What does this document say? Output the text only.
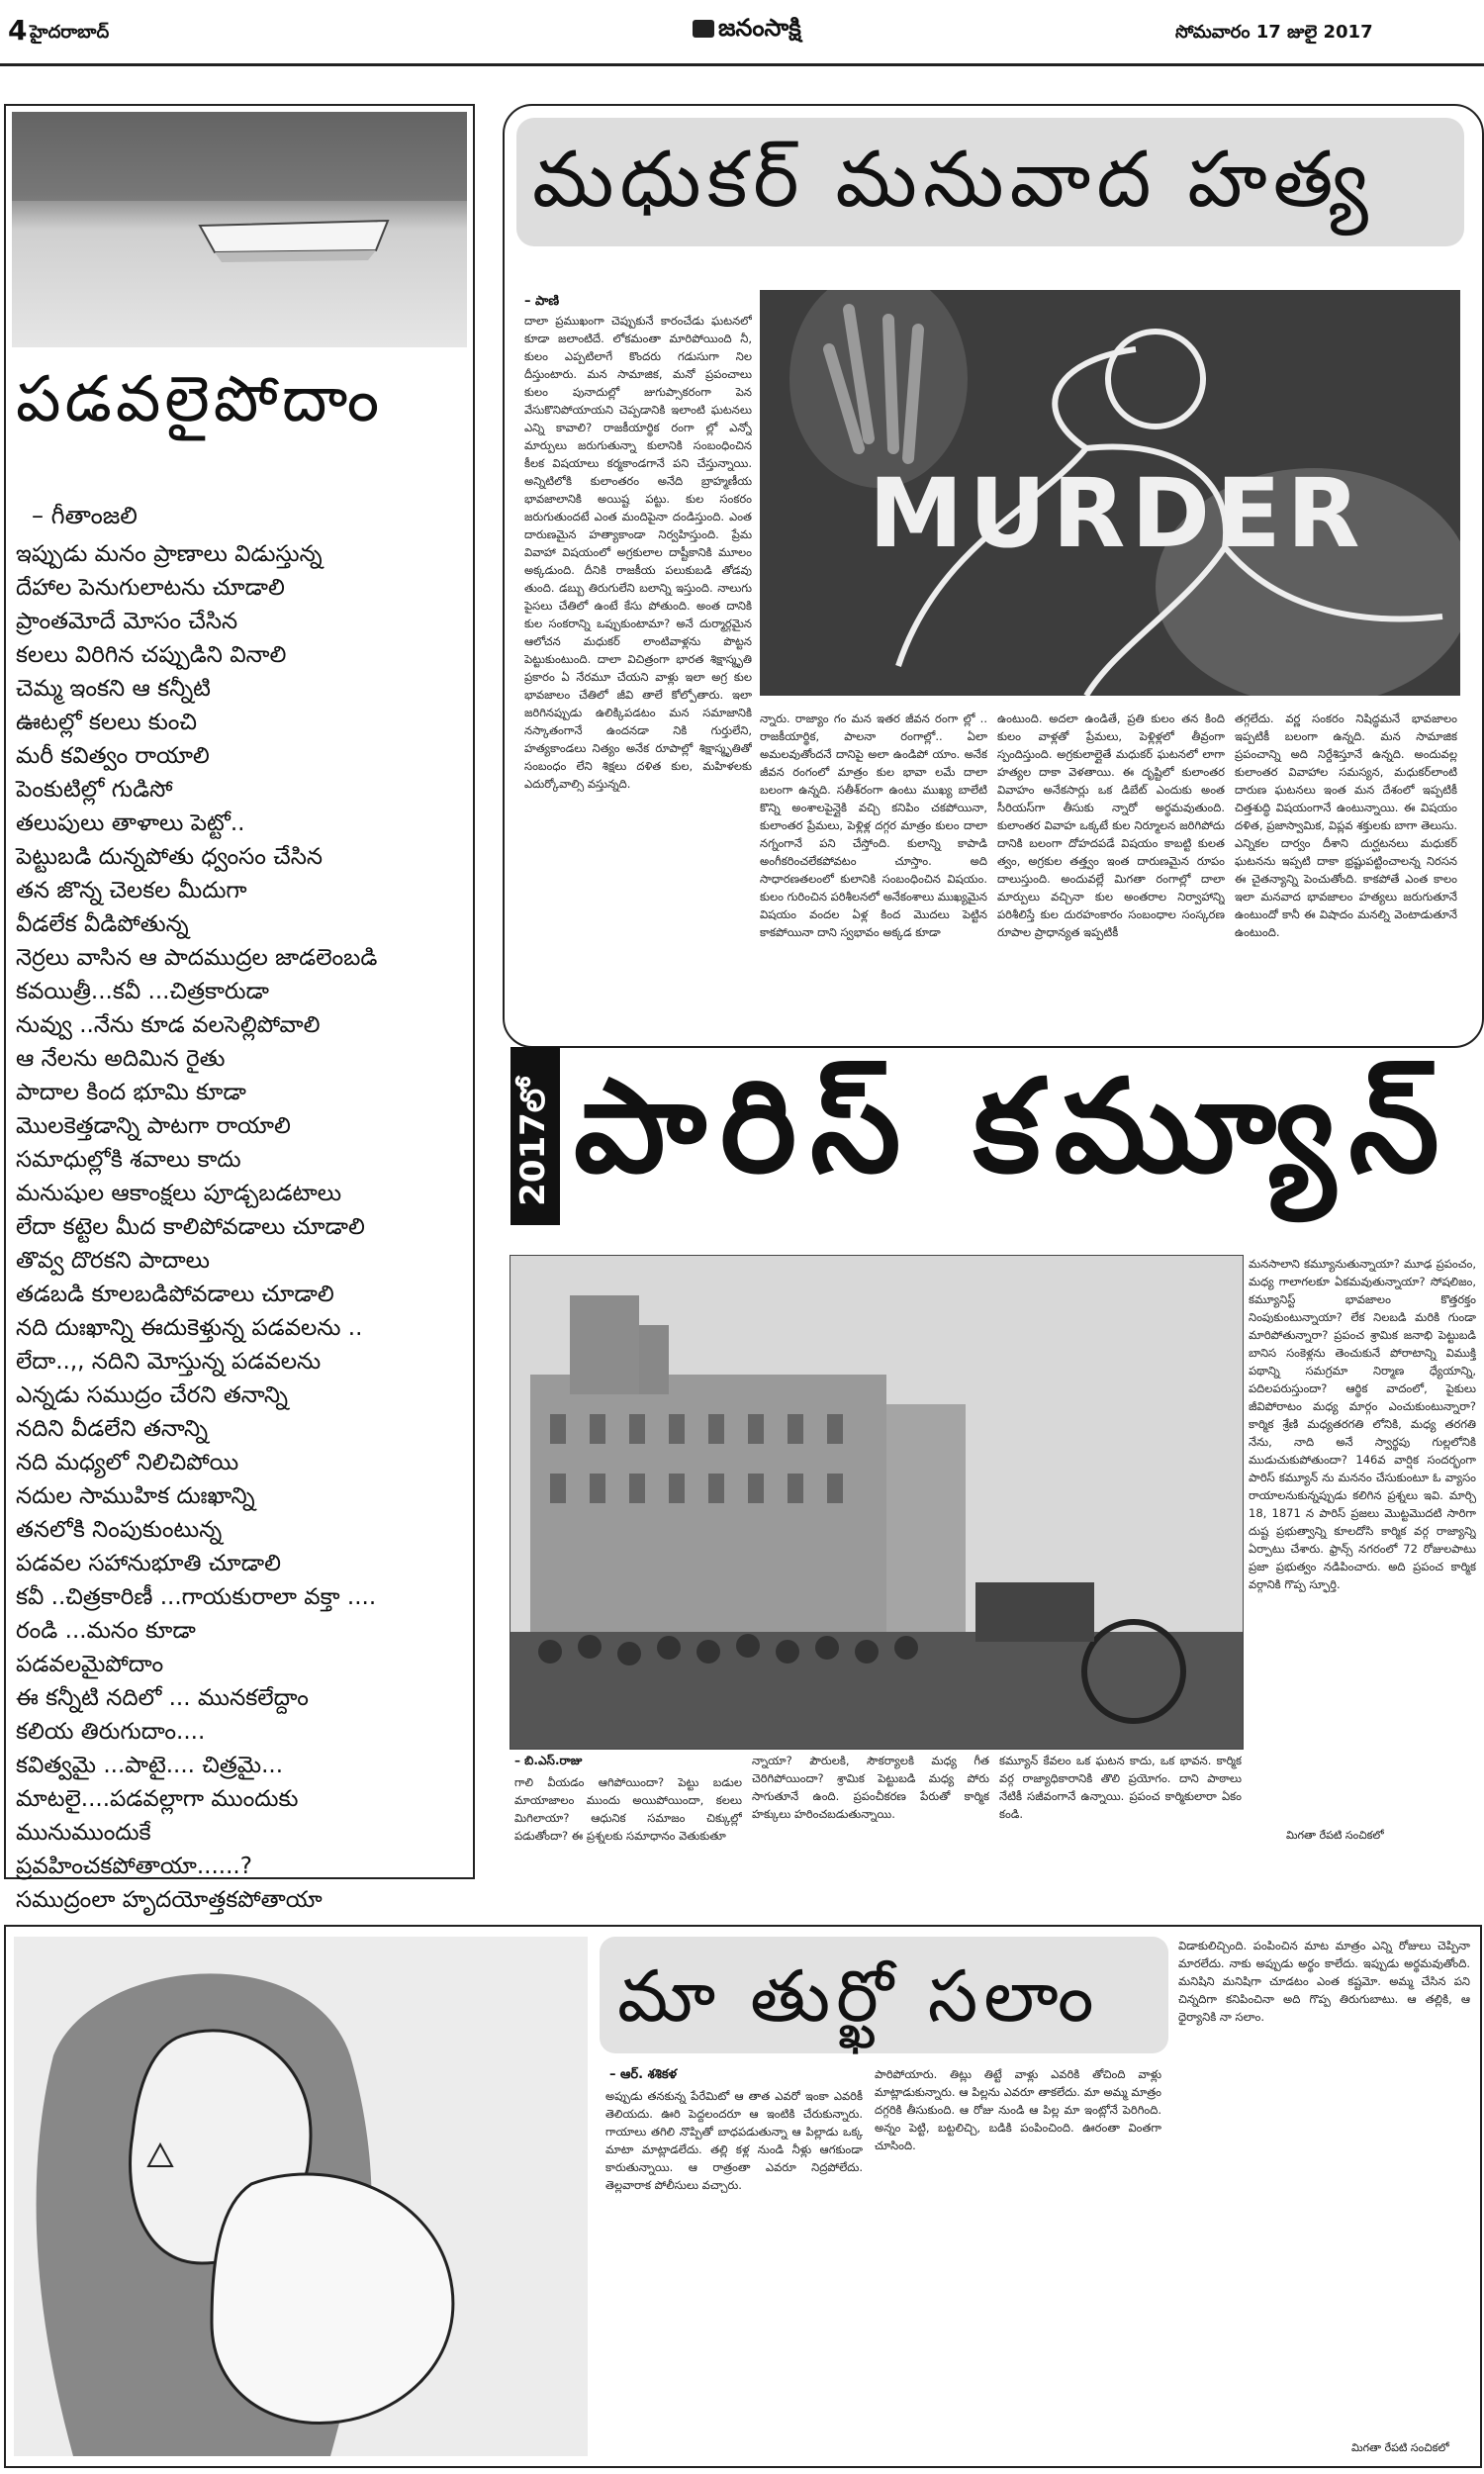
4 హైదరాబాద్	జనంసాక్షి	సోమవారం 17 జులై 2017
పడవలైపోదాం
– గీతాంజలి
ఇప్పుడు మనం ప్రాణాలు విడుస్తున్న
దేహాల పెనుగులాటను చూడాలి
ప్రాంతమోదే మోసం చేసిన
కలలు విరిగిన చప్పుడిని వినాలి
చెమ్మ ఇంకని ఆ కన్నీటి
ఊటల్లో కలలు కుంచి
మరీ కవిత్వం రాయాలి
పెంకుటిల్లో గుడిసో
తలుపులు తాళాలు పెట్టో..
పెట్టుబడి దున్నపోతు ధ్వంసం చేసిన
తన జొన్న చెలకల మీదుగా
వీడలేక వీడిపోతున్న
నెర్రలు వాసిన ఆ పాదముద్రల జాడలెంబడి
కవయిత్రీ...కవీ ...చిత్రకారుడా
నువ్వు ..నేను కూడ వలసెల్లిపోవాలి
ఆ నేలను అదిమిన రైతు
పాదాల కింద భూమి కూడా
మొలకెత్తడాన్ని పాటగా రాయాలి
సమాధుల్లోకి శవాలు కాదు
మనుషుల ఆకాంక్షలు పూడ్చబడటాలు
లేదా కట్టెల మీద కాలిపోవడాలు చూడాలి
తొవ్వ దొరకని పాదాలు
తడబడి కూలబడిపోవడాలు చూడాలి
నది దుఃఖాన్ని ఈదుకెళ్తున్న పడవలను ..
లేదా..,, నదిని మోస్తున్న పడవలను
ఎన్నడు సముద్రం చేరని తనాన్ని
నదిని వీడలేని తనాన్ని
నది మధ్యలో నిలిచిపోయి
నదుల సాముహిక దుఃఖాన్ని
తనలోకి నింపుకుంటున్న
పడవల సహానుభూతి చూడాలి
కవీ ..చిత్రకారిణీ ...గాయకురాలా వక్తా ....
రండి ...మనం కూడా
పడవలమైపోదాం
ఈ కన్నీటి నదిలో ... మునకలేద్దాం
కలియ తిరుగుదాం....
కవిత్వమై ...పాటై.... చిత్రమై...
మాటలై....పడవల్లాగా ముందుకు
మునుముందుకే
ప్రవహించకపోతాయా......?
సముద్రంలా హృదయోత్తకపోతాయా
మధుకర్ మనువాద హత్య
– పాణి
దాలా ప్రముఖంగా చెప్పుకునే కారంచేడు ఘటనలో కూడా జలాంటిదే. లోకమంతా మారిపోయింది నీ, కులం ఎప్పటిలాగే కొందరు గడుసుగా నిల దీస్తుంటారు. మన సామాజిక, మనో ప్రపంచాలు కులం పునాదుల్లో జుగుప్సాకరంగా పెన వేసుకొనిపోయాయని చెప్పడానికి ఇలాంటి ఘటనలు ఎన్ని కావాలి? రాజకీయార్థిక రంగా ల్లో ఎన్నో మార్పులు జరుగుతున్నా కులానికి సంబంధించిన కీలక విషయాలు కర్మకాండగానే పని చేస్తున్నాయి. అన్నిటిలోకి కులాంతరం అనేది బ్రాహ్మణీయ భావజాలానికి అయిష్ట పట్టు. కుల సంకరం జరుగుతుందటే ఎంత మందిపైనా దండిస్తుంది. ఎంత దారుణమైన హత్యాకాండా నిర్వహిస్తుంది. ప్రేమ వివాహా విషయంలో అగ్రకులాల దాష్టీకానికి మూలం అక్కడుంది. దీనికి రాజకీయ పలుకుబడి తోడవు తుంది. డబ్బు తిరుగులేని బలాన్ని ఇస్తుంది. నాలుగు పైసలు చేతిలో ఉంటే కేసు పోతుంది. అంత దానికి కుల సంకరాన్ని ఒప్పుకుంటామా? అనే దుర్మార్గమైన ఆలోచన మధుకర్ లాంటివాళ్లను పొట్టన పెట్టుకుంటుంది. దాలా విచిత్రంగా భారత శిక్షాస్మృతి ప్రకారం ఏ నేరమూ చేయని వాళ్లు ఇలా అగ్ర కుల భావజాలం చేతిలో జీవి తాలే కోల్పోతారు. ఇలా జరిగినప్పుడు ఉలిక్కిపడటం మన సమాజానికి నస్కాతంగానే ఉందనడా నికి గుర్తులేని, హత్యకాండలు నిత్యం అనేక రూపాల్లో శిక్షాస్మృతితో సంబంధం లేని శిక్షలు దళిత కుల, మహిళలకు ఎదుర్కోవాల్సి వస్తున్నది.
MURDER
న్నారు. రాజ్యాం గం మన ఇతర జీవన రంగా ల్లో .. రాజకీయార్థిక, పాలనా రంగాల్లో.. ఏలా అమలవుతోందనే దానిపై అలా ఉండిపో యాం. అనేక జీవన రంగంలో మాత్రం కుల భావా లమే దాలా బలంగా ఉన్నది. సతీశ్‌రంగా ఉంటు ముఖ్య బాలేటి కొన్ని అంశాలపైన్లైకి వచ్చి కనిపిం చకపోయినా, కులాంతర ప్రేమలు, పెళ్లిళ్ల దగ్గర మాత్రం కులం దాలా నగ్నంగానే పని చేస్తోంది. కులాన్ని కాపాడి అంగీకరించలేకపోవటం చూస్తాం. అది సాధారణతలంలో కులానికి సంబంధించిన విషయం. కులం గురించిన పరిశీలనలో అనేకంశాలు ముఖ్యమైన విషయం వందల ఏళ్ల కింద మొదలు పెట్టిన కాకపోయినా దాని స్వభావం అక్కడ కూడా
ఉంటుంది. అదలా ఉండితే, ప్రతి కులం తన కింది కులం వాళ్లతో ప్రేమలు, పెళ్లిళ్లలో తీవ్రంగా స్పందిస్తుంది. అగ్రకులాల్లైతే మధుకర్ ఘటనలో లాగా హత్యల దాకా వెళతాయి. ఈ దృష్టిలో కులాంతర వివాహం అనేకసార్లు ఒక డిబేట్ ఎందుకు అంత సీరియస్‌గా తీసుకు న్నారో అర్థమవుతుంది. కులాంతర వివాహ ఒక్కటే కుల నిర్మూలన జరిగిపోదు దానికి బలంగా దోహదపడే విషయం కాబట్టి కులత త్వం, అగ్రకుల తత్త్వం ఇంత దారుణమైన రూపం దాలుస్తుంది. అందువల్లే మిగతా రంగాల్లో దాలా మార్పులు వచ్చినా కుల అంతరాల నిర్వాహాన్ని పరిశీలిస్తే కుల దురహంకారం సంబంధాల సంస్కరణ రూపాల ప్రాధాన్యత ఇప్పటికీ
తగ్గలేదు. వర్ణ సంకరం నిషిద్ధమనే భావజాలం ఇప్పటికీ బలంగా ఉన్నది. మన సామాజిక ప్రపంచాన్ని అది నిర్దేశిస్తూనే ఉన్నది. అందువల్ల కులాంతర వివాహాల సమస్యన, మధుకర్‌లాంటి దారుణ ఘటనలు ఇంత మన దేశంలో ఇప్పటికీ చిత్తశుద్ధి విషయంగానే ఉంటున్నాయి. ఈ విషయం దళిత, ప్రజాస్వామిక, విప్లవ శక్తులకు బాగా తెలుసు. ఎన్నికల దార్వం దీశాని దుర్ఘటనలు మధుకర్ ఘటనను ఇప్పటి దాకా భ్రష్టుపట్టించాలన్న నిరసన ఈ చైతన్యాన్ని పెంచుతోంది. కాకపోతే ఎంత కాలం ఇలా మనవాద భావజాలం హత్యలు జరుగుతూనే ఉంటుందో కానీ ఈ విషాదం మనల్ని వెంటాడుతూనే ఉంటుంది.
2017లో పారిస్ కమ్యూన్
– బి.ఎస్.రాజు
మనసాలాని కమ్యూనుతున్నాయా? మూఢ ప్రపంచం, మధ్య గాలాగలకూ ఏకమవుతున్నాయా? సోషలిజం, కమ్యూనిస్ట్ భావజాలం కొత్తరక్తం నింపుకుంటున్నాయా? లేక నిలబడి మరికి గుండా మారిపోతున్నారా? ప్రపంచ శ్రామిక జనాభి పెట్టుబడి బానిస సంకెళ్లను తెంచుకునే పోరాటాన్ని విముక్తి పథాన్ని సమగ్రమా నిర్మాణ ధ్యేయాన్ని, పదిలపరుస్తుందా? ఆర్థిక వాదంలో, పైకులు జీవిపోరాటం మధ్య మార్గం ఎంచుకుంటున్నారా? కార్మిక శ్రేణి మధ్యతరగతి లోనికి, మధ్య తరగతి నేను, నాది అనే స్వార్థపు గుల్లలోనికి ముడుచుకుపోతుందా? 146వ వార్షిక సందర్భంగా పారిస్ కమ్యూన్ ను మననం చేసుకుంటూ ఓ వ్యాసం రాయాలనుకున్నప్పుడు కలిగిన ప్రశ్నలు ఇవి. మార్చి 18, 1871 న పారిస్ ప్రజలు మొట్టమొదటి సారిగా దుష్ట ప్రభుత్వాన్ని కూలదోసి కార్మిక వర్గ రాజ్యాన్ని ఏర్పాటు చేశారు. ఫ్రాన్స్ నగరంలో 72 రోజులపాటు ప్రజా ప్రభుత్వం నడిపించారు. అది ప్రపంచ కార్మిక వర్గానికి గొప్ప స్ఫూర్తి.
గాలి వీయడం ఆగిపోయిందా? పెట్టు బడుల మాయాజాలం ముందు అయిపోయిందా, కలలు మిగిలాయా? ఆధునిక సమాజం చిక్కుల్లో పడుతోందా? ఈ ప్రశ్నలకు సమాధానం వెతుకుతూ
న్నాయా? పౌరులకి, సౌకర్యాలకి మధ్య గీత చెరిగిపోయిందా? శ్రామిక పెట్టుబడి మధ్య పోరు సాగుతూనే ఉంది. ప్రపంచీకరణ పేరుతో కార్మిక హక్కులు హరించబడుతున్నాయి.
కమ్యూన్ కేవలం ఒక ఘటన కాదు, ఒక భావన. కార్మిక వర్గ రాజ్యాధికారానికి తొలి ప్రయోగం. దాని పాఠాలు నేటికీ సజీవంగానే ఉన్నాయి. ప్రపంచ కార్మికులారా ఏకం కండి.
మిగతా రేపటి సంచికలో
మా తుర్ఖో సలాం
– ఆర్. శశికళ
అప్పుడు తనకున్న పేరేమిటో ఆ తాత ఎవరో ఇంకా ఎవరికీ తెలియదు. ఊరి పెద్దలందరూ ఆ ఇంటికి చేరుకున్నారు. గాయాలు తగిలి నొప్పితో బాధపడుతున్నా ఆ పిల్లాడు ఒక్క మాటా మాట్లాడలేదు. తల్లి కళ్ల నుండి నీళ్లు ఆగకుండా కారుతున్నాయి. ఆ రాత్రంతా ఎవరూ నిద్రపోలేదు. తెల్లవారాక పోలీసులు వచ్చారు.
పారిపోయారు. తిట్లు తిట్టే వాళ్లు ఎవరికి తోచింది వాళ్లు మాట్లాడుకున్నారు. ఆ పిల్లను ఎవరూ తాకలేదు. మా అమ్మ మాత్రం దగ్గరికి తీసుకుంది. ఆ రోజు నుండి ఆ పిల్ల మా ఇంట్లోనే పెరిగింది. అన్నం పెట్టి, బట్టలిచ్చి, బడికి పంపించింది. ఊరంతా వింతగా చూసింది.
విడాకులిచ్చింది. పంపించిన మాట మాత్రం ఎన్ని రోజులు చెప్పినా మారలేదు. నాకు అప్పుడు అర్థం కాలేదు. ఇప్పుడు అర్థమవుతోంది. మనిషిని మనిషిగా చూడటం ఎంత కష్టమో. అమ్మ చేసిన పని చిన్నదిగా కనిపించినా అది గొప్ప తిరుగుబాటు. ఆ తల్లికి, ఆ ధైర్యానికి నా సలాం.
మిగతా రేపటి సంచికలో
